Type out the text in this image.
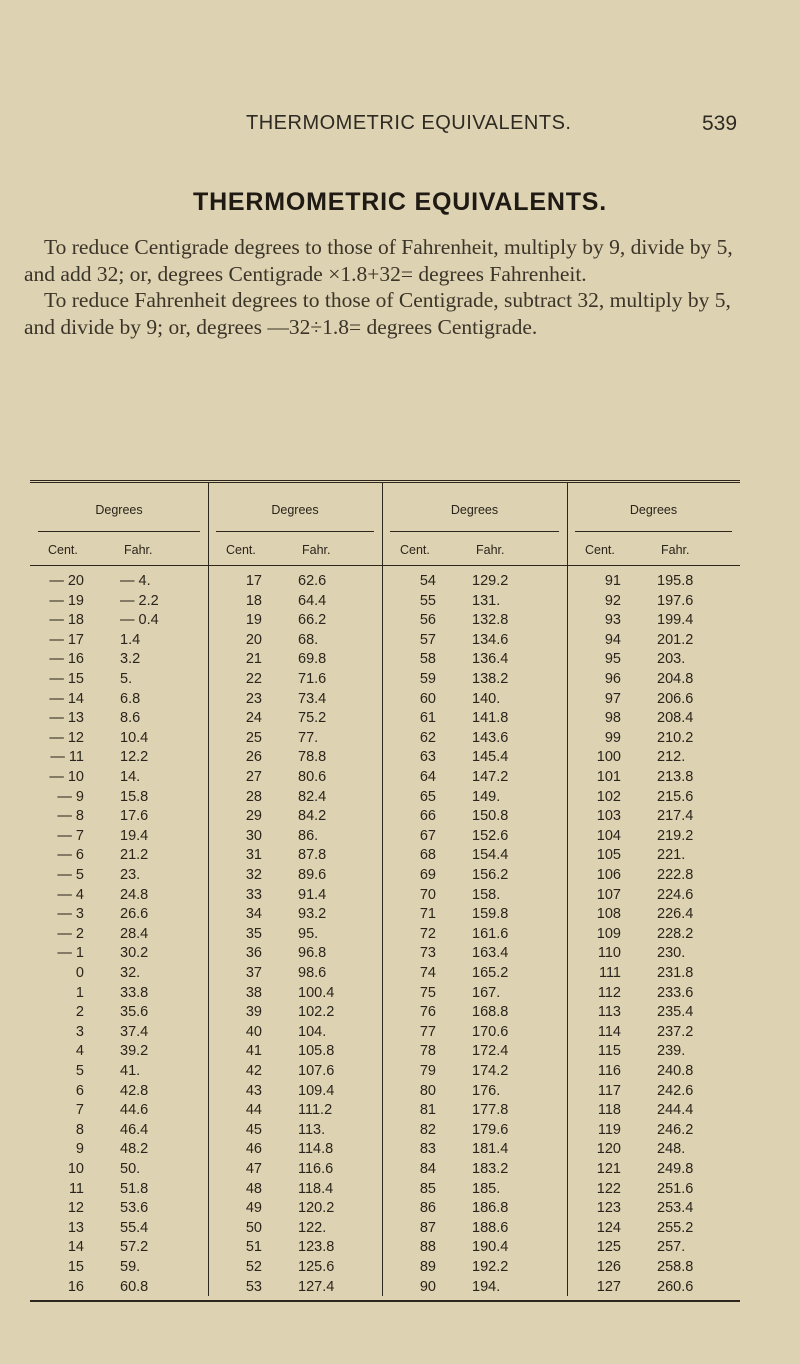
THERMOMETRIC EQUIVALENTS.	539
THERMOMETRIC EQUIVALENTS.

To reduce Centigrade degrees to those of Fahrenheit, multiply by 9, divide by 5, and add 32; or, degrees Centigrade ×1.8+32= degrees Fahrenheit.

To reduce Fahrenheit degrees to those of Centigrade, subtract 32, multiply by 5, and divide by 9; or, degrees —32÷1.8= degrees Centigrade.

Degrees
Cent.	Fahr.
Degrees
Cent.	Fahr.
Degrees
Cent.	Fahr.
Degrees
Cent.	Fahr.
— 20 — 4.	17 62.6	54 129.2	91 195.8
— 19 — 2.2	18 64.4	55 131.	92 197.6
— 18 — 0.4	19 66.2	56 132.8	93 199.4
— 17 1.4	20 68.	57 134.6	94 201.2
— 16 3.2	21 69.8	58 136.4	95 203.
— 15 5.	22 71.6	59 138.2	96 204.8
— 14 6.8	23 73.4	60 140.	97 206.6
— 13 8.6	24 75.2	61 141.8	98 208.4
— 12 10.4	25 77.	62 143.6	99 210.2
— 11 12.2	26 78.8	63 145.4	100 212.
— 10 14.	27 80.6	64 147.2	101 213.8
— 9 15.8	28 82.4	65 149.	102 215.6
— 8 17.6	29 84.2	66 150.8	103 217.4
— 7 19.4	30 86.	67 152.6	104 219.2
— 6 21.2	31 87.8	68 154.4	105 221.
— 5 23.	32 89.6	69 156.2	106 222.8
— 4 24.8	33 91.4	70 158.	107 224.6
— 3 26.6	34 93.2	71 159.8	108 226.4
— 2 28.4	35 95.	72 161.6	109 228.2
— 1 30.2	36 96.8	73 163.4	110 230.
0 32.	37 98.6	74 165.2	111 231.8
1 33.8	38 100.4	75 167.	112 233.6
2 35.6	39 102.2	76 168.8	113 235.4
3 37.4	40 104.	77 170.6	114 237.2
4 39.2	41 105.8	78 172.4	115 239.
5 41.	42 107.6	79 174.2	116 240.8
6 42.8	43 109.4	80 176.	117 242.6
7 44.6	44 111.2	81 177.8	118 244.4
8 46.4	45 113.	82 179.6	119 246.2
9 48.2	46 114.8	83 181.4	120 248.
10 50.	47 116.6	84 183.2	121 249.8
11 51.8	48 118.4	85 185.	122 251.6
12 53.6	49 120.2	86 186.8	123 253.4
13 55.4	50 122.	87 188.6	124 255.2
14 57.2	51 123.8	88 190.4	125 257.
15 59.	52 125.6	89 192.2	126 258.8
16 60.8	53 127.4	90 194.	127 260.6
